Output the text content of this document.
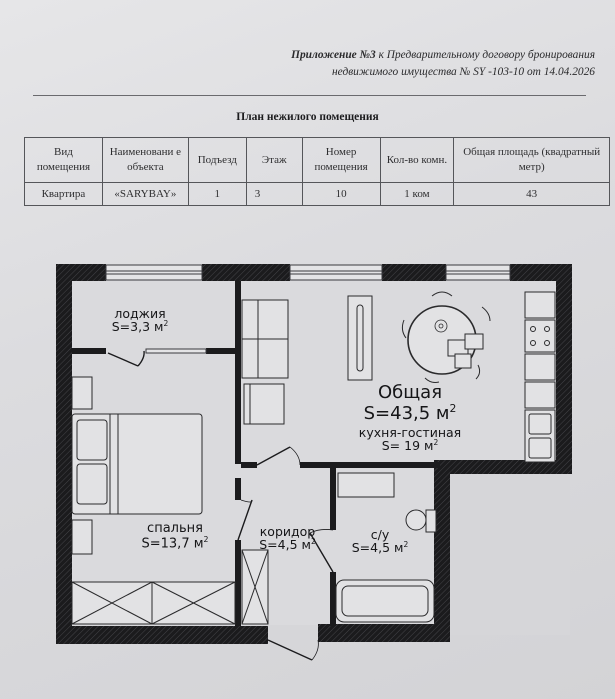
Приложение №3 к Предварительному договору бронирования
недвижимого имущества № SY -103-10 от 14.04.2026
План нежилого помещения
Вид помещения	Наименовани е объекта	Подъезд	Этаж	Номер помещения	Кол-во комн.	Общая площадь (квадратный метр)
Квартира	«SARYBAY»	1	3	10	1 ком	43
лоджия
S=3,3 $м^2$
Общая
S=43,5 $м^2$
кухня-гостиная
S= 19 $м^2$
спальня
S=13,7 $м^2$
коридор
S=4,5 $м^2$	с/у
S=4,5 $м^2$
